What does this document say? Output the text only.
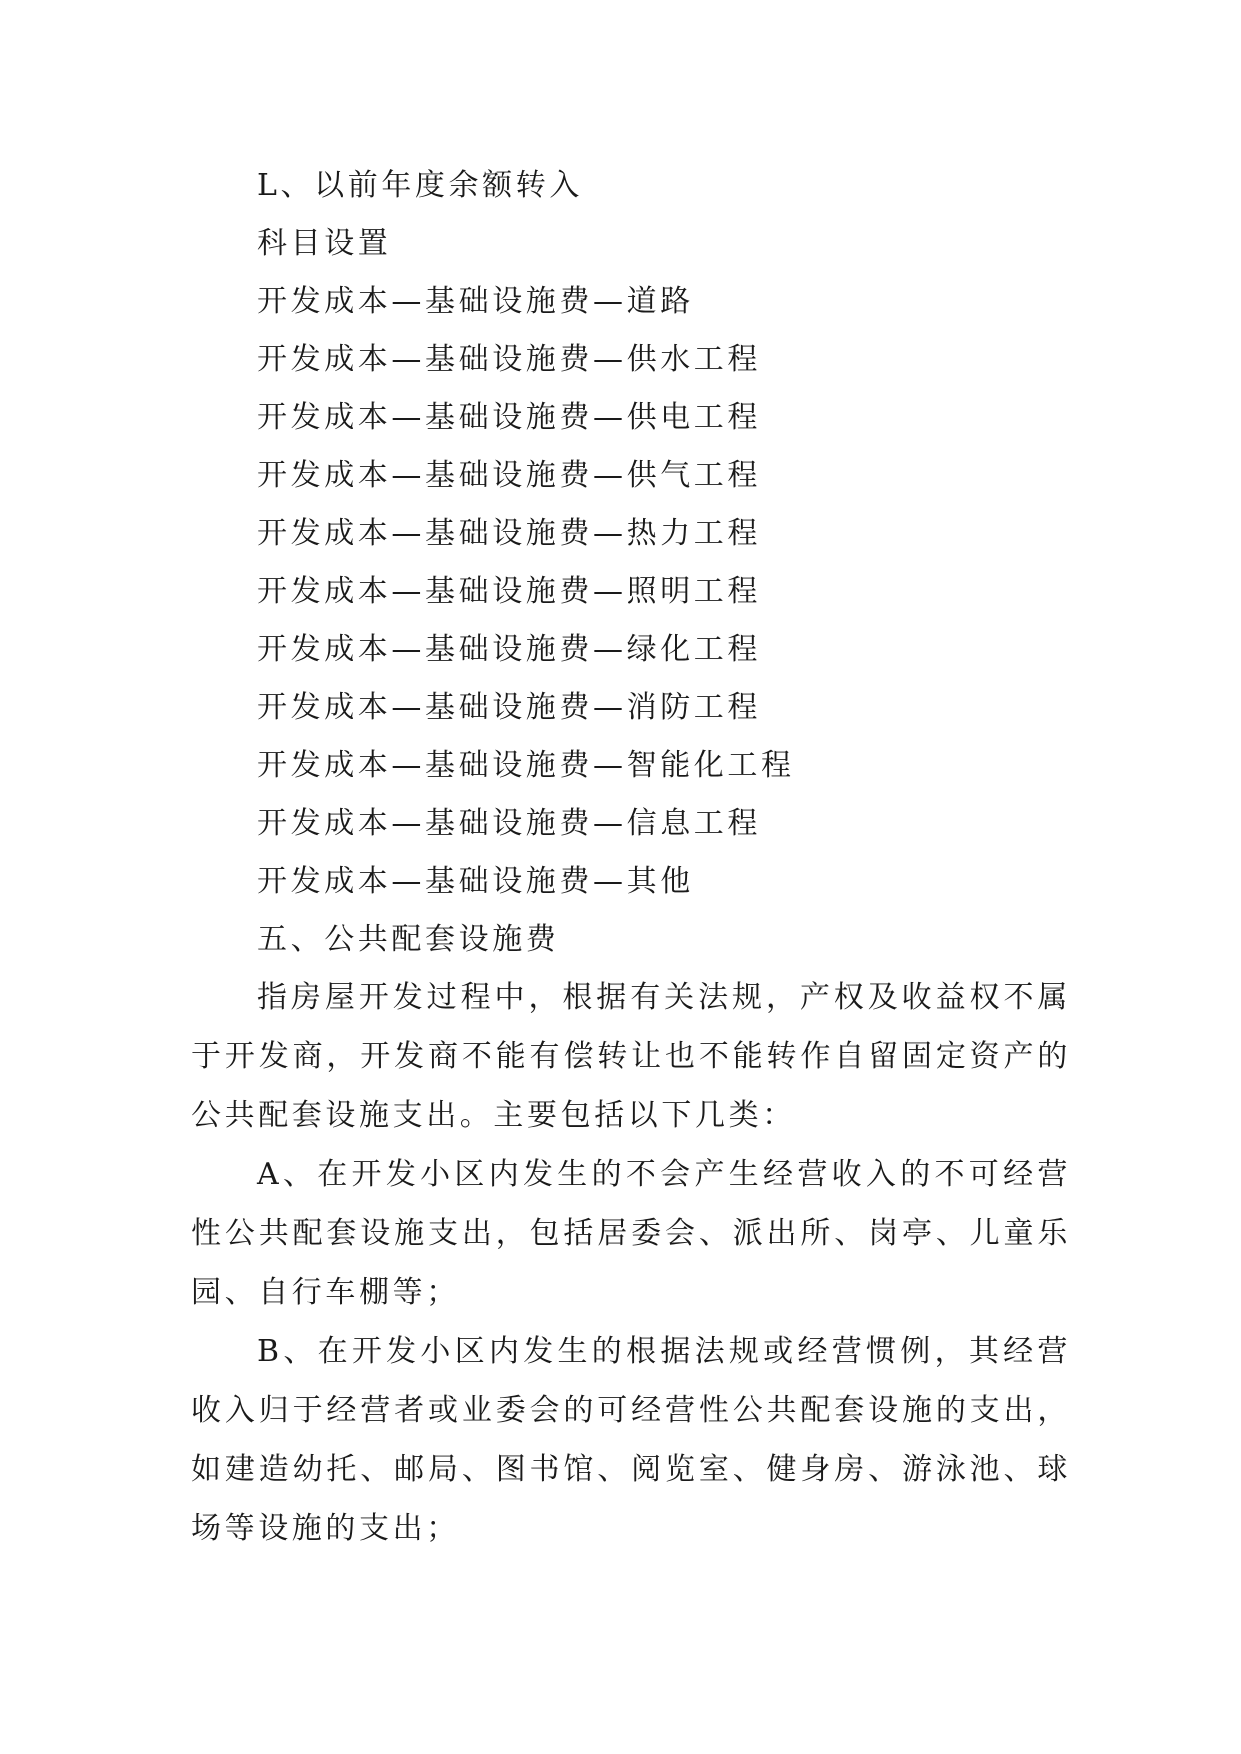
L、以前年度余额转入
科目设置
开发成本—基础设施费—道路
开发成本—基础设施费—供水工程
开发成本—基础设施费—供电工程
开发成本—基础设施费—供气工程
开发成本—基础设施费—热力工程
开发成本—基础设施费—照明工程
开发成本—基础设施费—绿化工程
开发成本—基础设施费—消防工程
开发成本—基础设施费—智能化工程
开发成本—基础设施费—信息工程
开发成本—基础设施费—其他
五、公共配套设施费
指房屋开发过程中，根据有关法规，产权及收益权不属于开发商，开发商不能有偿转让也不能转作自留固定资产的公共配套设施支出。主要包括以下几类：
A、在开发小区内发生的不会产生经营收入的不可经营性公共配套设施支出，包括居委会、派出所、岗亭、儿童乐园、自行车棚等；
B、在开发小区内发生的根据法规或经营惯例，其经营收入归于经营者或业委会的可经营性公共配套设施的支出，如建造幼托、邮局、图书馆、阅览室、健身房、游泳池、球场等设施的支出；
